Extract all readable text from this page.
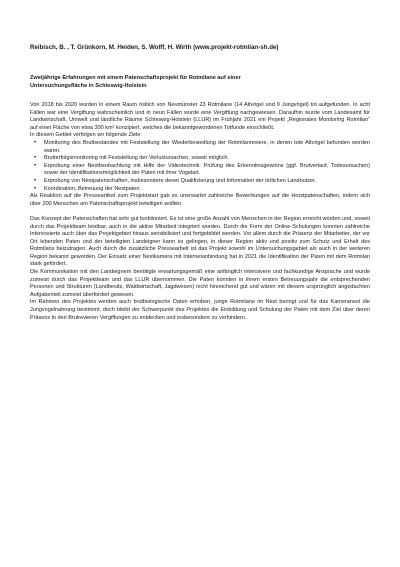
Reibisch, B. , T. Grünkorn, M. Heiden, S. Wolff, H. Wirth (www.projekt-rotmilan-sh.de)
Zweijährige Erfahrungen mit einem Patenschaftsprojekt für Rotmilane auf einer
Untersuchungsfläche in Schleswig-Holstein

Von 2018 bis 2020 wurden in einem Raum östlich von Neumünster 23 Rotmilane (14 Altvögel und 9 Jungvögel) tot aufgefunden. In acht Fällen war eine Vergiftung wahrscheinlich und in neun Fällen wurde eine Vergiftung nachgewiesen. Daraufhin wurde vom Landesamt für Landwirtschaft, Umwelt und ländliche Räume Schleswig-Holstein (LLUR) im Frühjahr 2021 ein Projekt „Regionales Monitoring Rotmilan“ auf einer Fläche von etwa 300 km² konzipiert, welches die bekanntgewordenen Totfunde einschließt.

In diesem Gebiet verfolgen wir folgende Ziele:

• Monitoring des Brutbestandes mit Feststellung der Wiederbesiedlung der Rotmilanreviere, in denen tote Altvögel befunden worden waren.
• Brutterfolgsmonitoring mit Feststellung der Verlustursachen, soweit möglich.
• Erprobung einer Nestbeobachtung mit Hilfe der Videotechnik: Prüfung des Erkenntnisgewinns (ggf. Brutverlauf, Todesursachen) sowie der Identifikationsmöglichkeit der Paten mit ihrer Vogelart.
• Erprobung von Nestpatenschaften, insbesondere deren Qualifizierung und Information der örtlichen Landnutzer.
• Koordination, Betreuung der Nestpaten.

Als Reaktion auf die Presseartikel zum Projektstart gab es unerwartet zahlreiche Bewerbungen auf die Horstpatenschaften, indem sich über 200 Menschen am Patenschaftsprojekt beteiligen wollten.

Das Konzept der Patenschaften hat sehr gut funktioniert. Es ist eine große Anzahl von Menschen in der Region erreicht worden und, soweit durch das Projektteam leistbar, auch in die aktive Mitarbeit integriert worden. Durch die Form der Online-Schulungen konnten zahlreiche Interessierte auch über das Projektgebiet hinaus sensibilisiert und fortgebildet werden. Vor allem durch die Präsenz der Mitarbeiter, der vor Ort lebenden Paten und der beteiligten Landeigner kann es gelingen, in dieser Region aktiv und positiv zum Schutz und Erhalt des Rotmilans beizutragen. Auch durch die zusätzliche Pressearbeit ist das Projekt sowohl im Untersuchungsgebiet als auch in der weiteren Region bekannt geworden. Der Einsatz einer Nestkamera mit Internetanbindung hat in 2021 die Identifikation der Paten mit dem Rotmilan stark gefördert.

Die Kommunikation mit den Landeignern benötigte erwartungsgemäß eine anfänglich intensivere und fachkundige Ansprache und wurde zumeist durch das Projektteam und das LLUR übernommen. Die Paten konnten in ihrem ersten Betreuungsjahr die entsprechenden Personen und Strukturen (Landbesitz, Waldwirtschaft, Jagdwesen) nicht hinreichend gut und wären mit diesem ursprünglich angedachten Aufgabenteil zumeist überfordert gewesen.

Im Rahmen des Projektes werden auch brutbiologische Daten erhoben, junge Rotmilane im Nest beringt und für das Kameranest die Jungvogelnahrung bestimmt, doch bleibt der Schwerpunkt des Projektes die Einbildung und Schulung der Paten mit dem Ziel über deren Präsenz in den Brutrevieren Vergiftungen zu entdecken und insbesondere zu verhindern.
